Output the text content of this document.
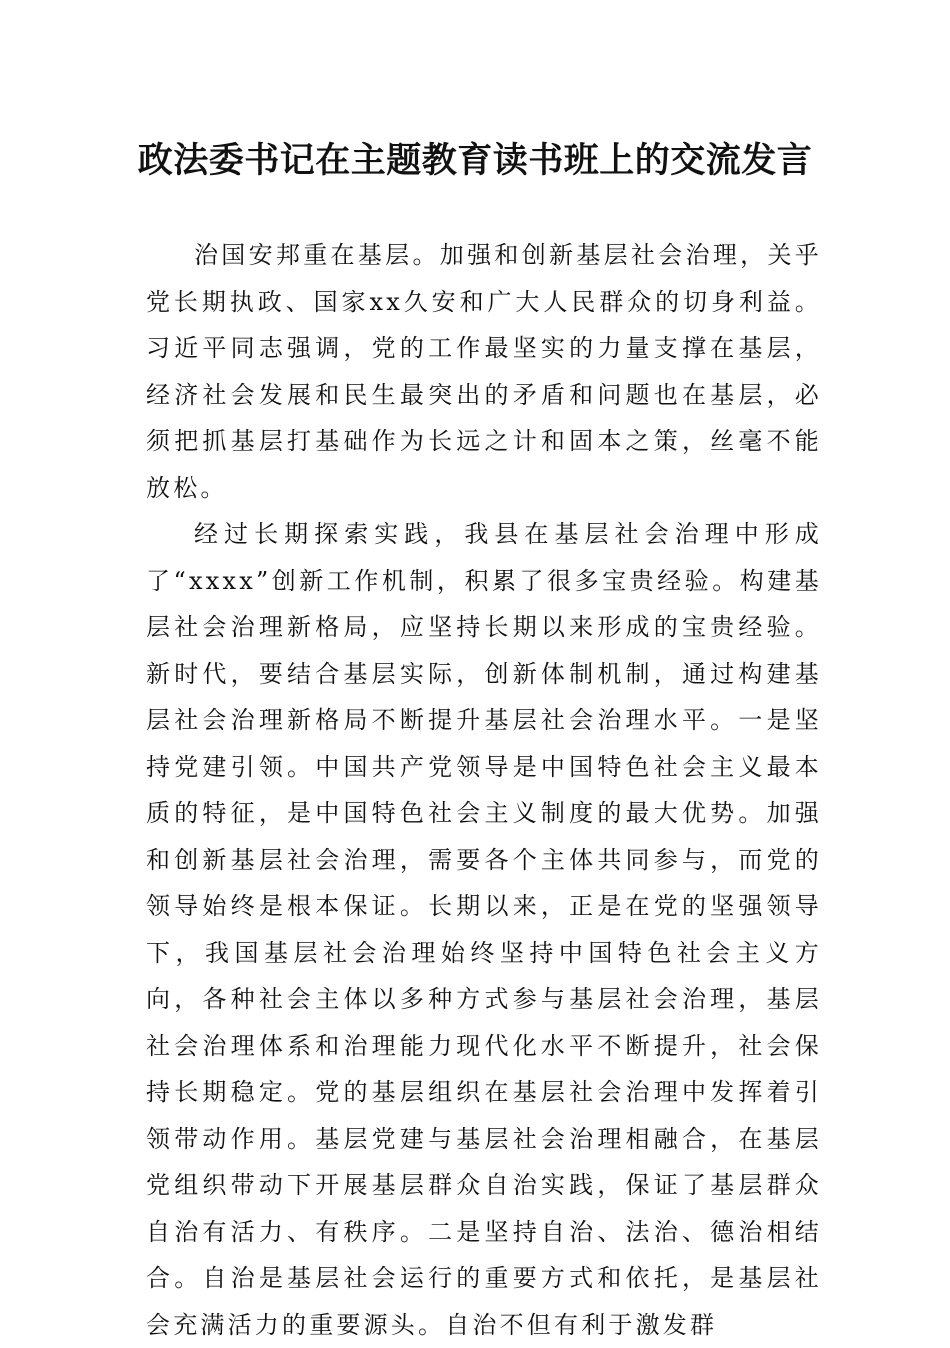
政法委书记在主题教育读书班上的交流发言

治国安邦重在基层。加强和创新基层社会治理，关乎党长期执政、国家xx久安和广大人民群众的切身利益。习近平同志强调，党的工作最坚实的力量支撑在基层，经济社会发展和民生最突出的矛盾和问题也在基层，必须把抓基层打基础作为长远之计和固本之策，丝毫不能放松。

经过长期探索实践，我县在基层社会治理中形成了“xxxx”创新工作机制，积累了很多宝贵经验。构建基层社会治理新格局，应坚持长期以来形成的宝贵经验。新时代，要结合基层实际，创新体制机制，通过构建基层社会治理新格局不断提升基层社会治理水平。一是坚持党建引领。中国共产党领导是中国特色社会主义最本质的特征，是中国特色社会主义制度的最大优势。加强和创新基层社会治理，需要各个主体共同参与，而党的领导始终是根本保证。长期以来，正是在党的坚强领导下，我国基层社会治理始终坚持中国特色社会主义方向，各种社会主体以多种方式参与基层社会治理，基层社会治理体系和治理能力现代化水平不断提升，社会保持长期稳定。党的基层组织在基层社会治理中发挥着引领带动作用。基层党建与基层社会治理相融合，在基层党组织带动下开展基层群众自治实践，保证了基层群众自治有活力、有秩序。二是坚持自治、法治、德治相结合。自治是基层社会运行的重要方式和依托，是基层社会充满活力的重要源头。自治不但有利于激发群
